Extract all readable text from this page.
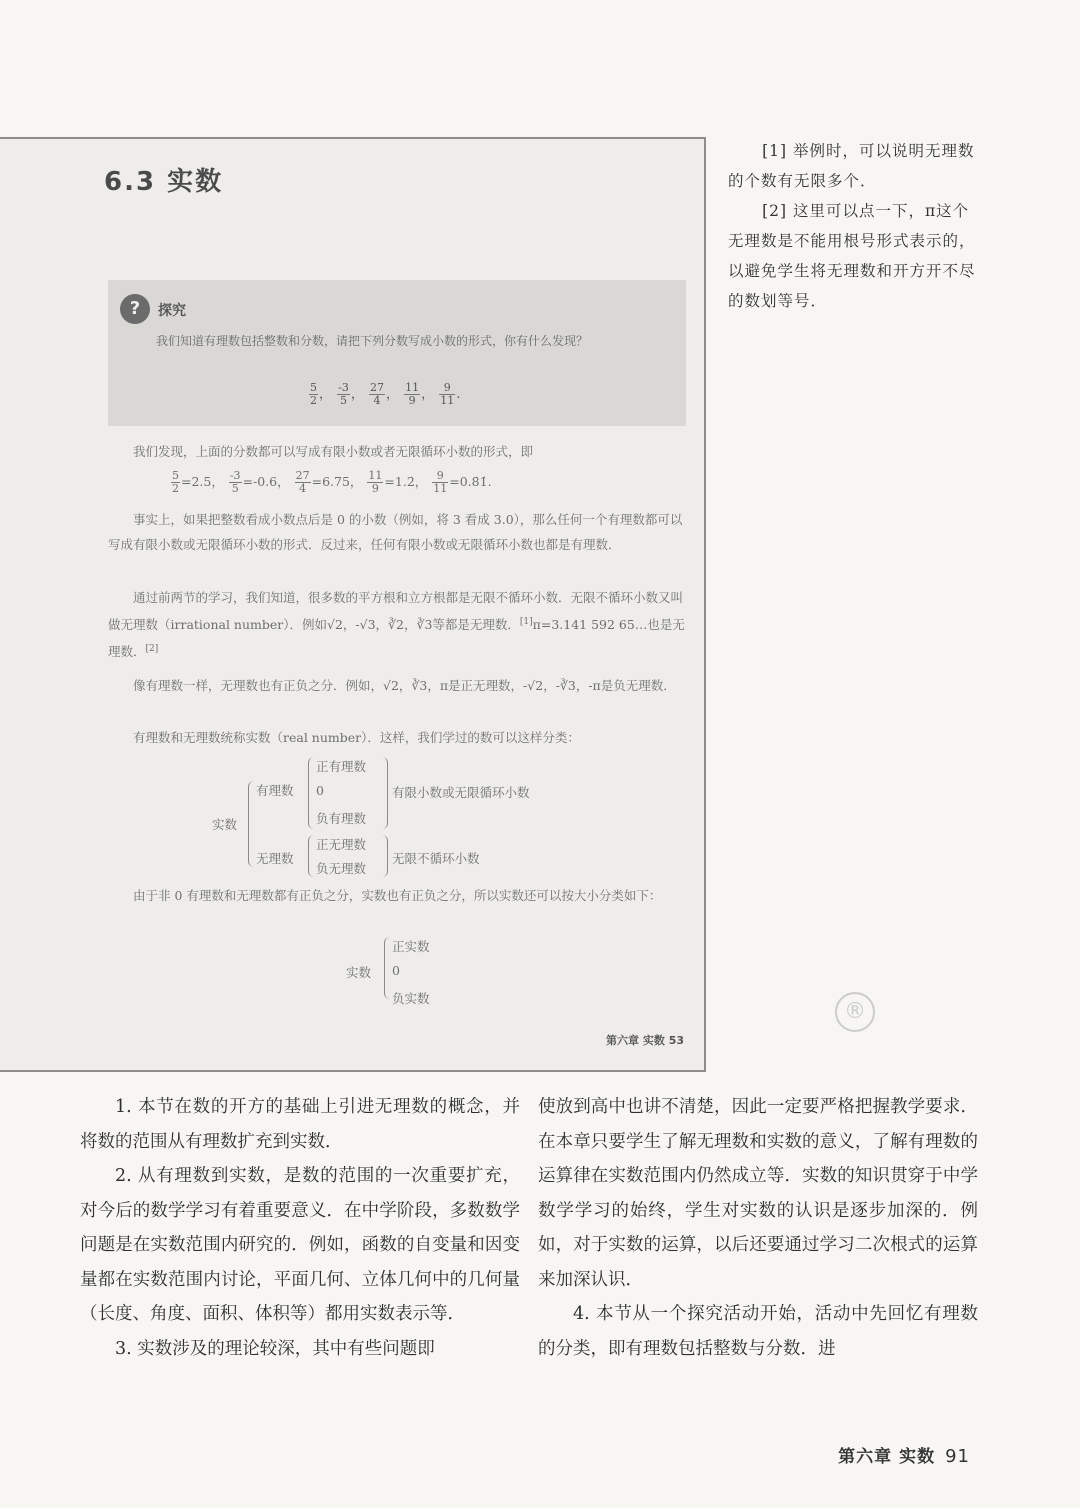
6.3 实数
?	探究
我们知道有理数包括整数和分数，请把下列分数写成小数的形式，你有什么发现？
$\frac{5}{2}$ ， $\frac{-3}{5}$ ， $\frac{27}{4}$ ， $\frac{11}{9}$ ， $\frac{9}{11}$ .
我们发现，上面的分数都可以写成有限小数或者无限循环小数的形式，即
$\frac{5}{2} =2.5$， $\frac{-3}{5} =-0.6$， $\frac{27}{4} =6.75$， $\frac{11}{9}$ =1.2̇， $\frac{9}{11}$ =0.8̇1̇.
事实上，如果把整数看成小数点后是 0 的小数（例如，将 3 看成 3.0），那么任何一个有理数都可以写成有限小数或无限循环小数的形式．反过来，任何有限小数或无限循环小数也都是有理数．
通过前两节的学习，我们知道，很多数的平方根和立方根都是无限不循环小数．无限不循环小数又叫做无理数（irrational number）．例如√2，-√3，∛2，∛3等都是无理数．[1]π=3.141 592 65…也是无理数．[2]
像有理数一样，无理数也有正负之分．例如，√2，∛3，π是正无理数，-√2，-∛3，-π是负无理数．
有理数和无理数统称实数（real number）．这样，我们学过的数可以这样分类：
实数
有理数
正有理数
0
负有理数
有限小数或无限循环小数
无理数
正无理数
负无理数
无限不循环小数
由于非 0 有理数和无理数都有正负之分，实数也有正负之分，所以实数还可以按大小分类如下：
实数
正实数
0
负实数
第六章 实数 53

[1] 举例时，可以说明无理数的个数有无限多个．

[2] 这里可以点一下，π这个无理数是不能用根号形式表示的，以避免学生将无理数和开方开不尽的数划等号．

®

1. 本节在数的开方的基础上引进无理数的概念，并将数的范围从有理数扩充到实数．

2. 从有理数到实数，是数的范围的一次重要扩充，对今后的数学学习有着重要意义．在中学阶段，多数数学问题是在实数范围内研究的．例如，函数的自变量和因变量都在实数范围内讨论，平面几何、立体几何中的几何量（长度、角度、面积、体积等）都用实数表示等．

3. 实数涉及的理论较深，其中有些问题即

使放到高中也讲不清楚，因此一定要严格把握教学要求．在本章只要学生了解无理数和实数的意义，了解有理数的运算律在实数范围内仍然成立等．实数的知识贯穿于中学数学学习的始终，学生对实数的认识是逐步加深的．例如，对于实数的运算，以后还要通过学习二次根式的运算来加深认识．

4. 本节从一个探究活动开始，活动中先回忆有理数的分类，即有理数包括整数与分数．进

第六章 实数 91
